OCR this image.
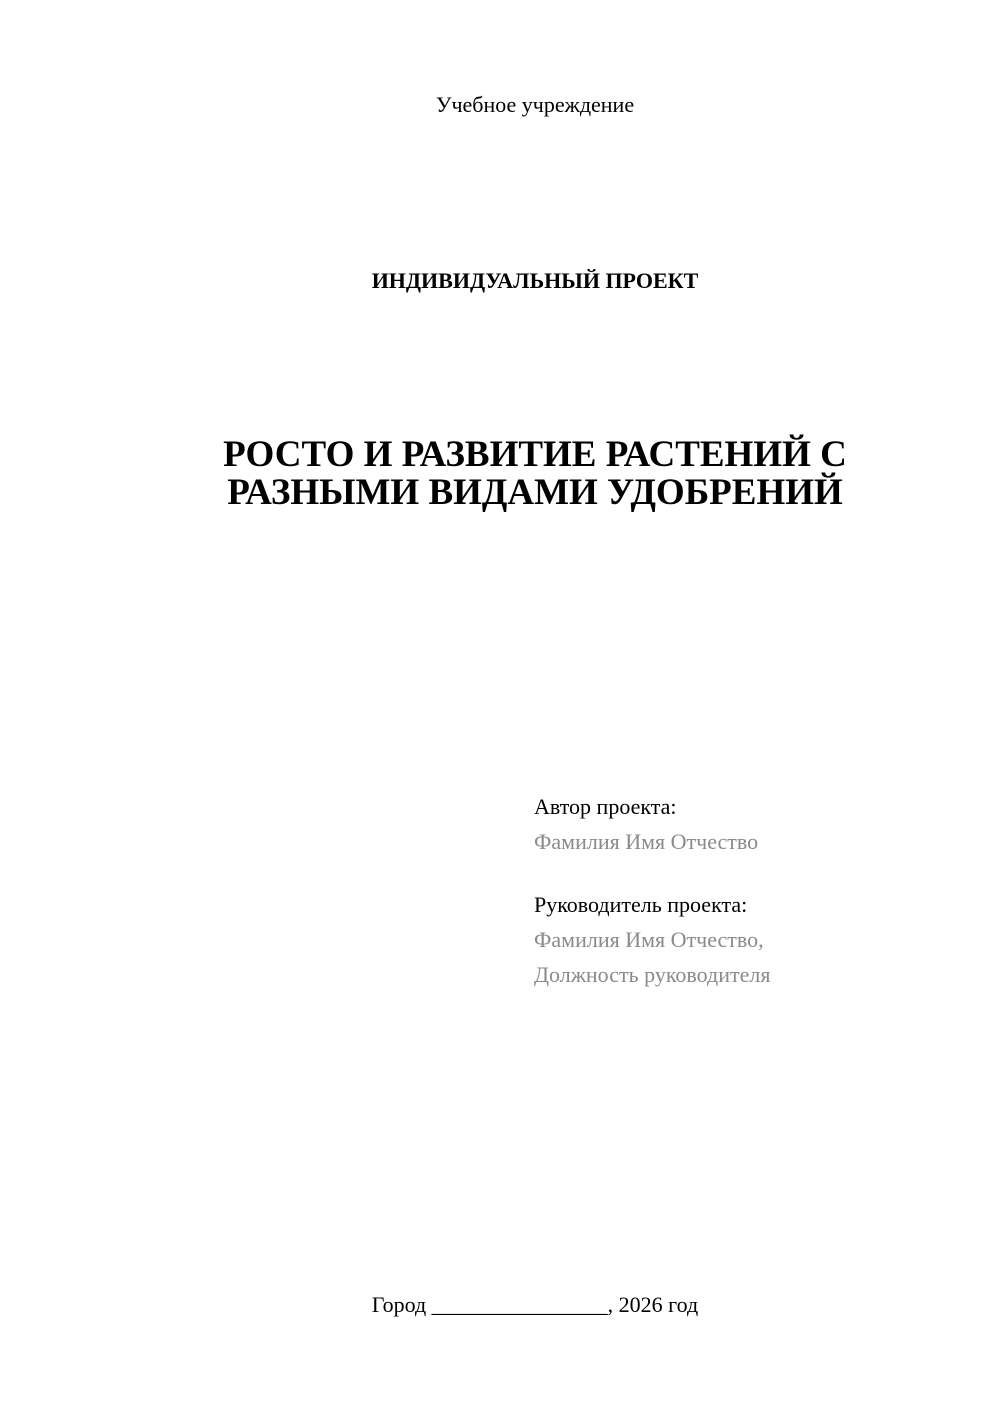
Учебное учреждение
ИНДИВИДУАЛЬНЫЙ ПРОЕКТ
РОСТО И РАЗВИТИЕ РАСТЕНИЙ С
РАЗНЫМИ ВИДАМИ УДОБРЕНИЙ
Автор проекта:
Фамилия Имя Отчество
Руководитель проекта:
Фамилия Имя Отчество,
Должность руководителя
Город ________________, 2026 год
